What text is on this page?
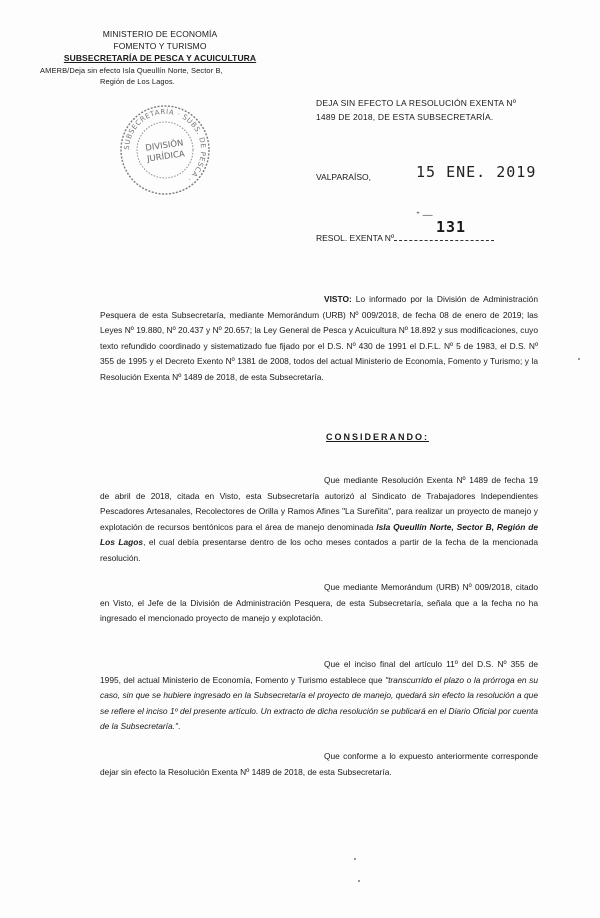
MINISTERIO DE ECONOMÍA
FOMENTO Y TURISMO
SUBSECRETARÍA DE PESCA Y ACUICULTURA
AMERB/Deja sin efecto Isla Queullín Norte, Sector B,
Región de Los Lagos.
SUBSECRETARÍA · SUBS. DE PESCA ·
DIVISIÓN
JURÍDICA
DEJA SIN EFECTO LA RESOLUCIÓN EXENTA Nº
1489 DE 2018, DE ESTA SUBSECRETARÍA.
VALPARAÍSO,	15 ENE. 2019
ᐩ —
RESOL. EXENTA Nº
131
VISTO: Lo informado por la División de Administración Pesquera de esta Subsecretaría, mediante Memorándum (URB) Nº 009/2018, de fecha 08 de enero de 2019; las Leyes Nº 19.880, Nº 20.437 y Nº 20.657; la Ley General de Pesca y Acuicultura Nº 18.892 y sus modificaciones, cuyo texto refundido coordinado y sistematizado fue fijado por el D.S. Nº 430 de 1991 el D.F.L. Nº 5 de 1983, el D.S. Nº 355 de 1995 y el Decreto Exento Nº 1381 de 2008, todos del actual Ministerio de Economía, Fomento y Turismo; y la Resolución Exenta Nº 1489 de 2018, de esta Subsecretaría.
CONSIDERANDO:
Que mediante Resolución Exenta Nº 1489 de fecha 19 de abril de 2018, citada en Visto, esta Subsecretaría autorizó al Sindicato de Trabajadores Independientes Pescadores Artesanales, Recolectores de Orilla y Ramos Afines "La Sureñita", para realizar un proyecto de manejo y explotación de recursos bentónicos para el área de manejo denominada Isla Queullín Norte, Sector B, Región de Los Lagos, el cual debía presentarse dentro de los ocho meses contados a partir de la fecha de la mencionada resolución.
Que mediante Memorándum (URB) Nº 009/2018, citado en Visto, el Jefe de la División de Administración Pesquera, de esta Subsecretaría, señala que a la fecha no ha ingresado el mencionado proyecto de manejo y explotación.
Que el inciso final del artículo 11º del D.S. Nº 355 de 1995, del actual Ministerio de Economía, Fomento y Turismo establece que "transcurrido el plazo o la prórroga en su caso, sin que se hubiere ingresado en la Subsecretaría el proyecto de manejo, quedará sin efecto la resolución a que se refiere el inciso 1º del presente artículo. Un extracto de dicha resolución se publicará en el Diario Oficial por cuenta de la Subsecretaría.".
Que conforme a lo expuesto anteriormente corresponde dejar sin efecto la Resolución Exenta Nº 1489 de 2018, de esta Subsecretaría.
